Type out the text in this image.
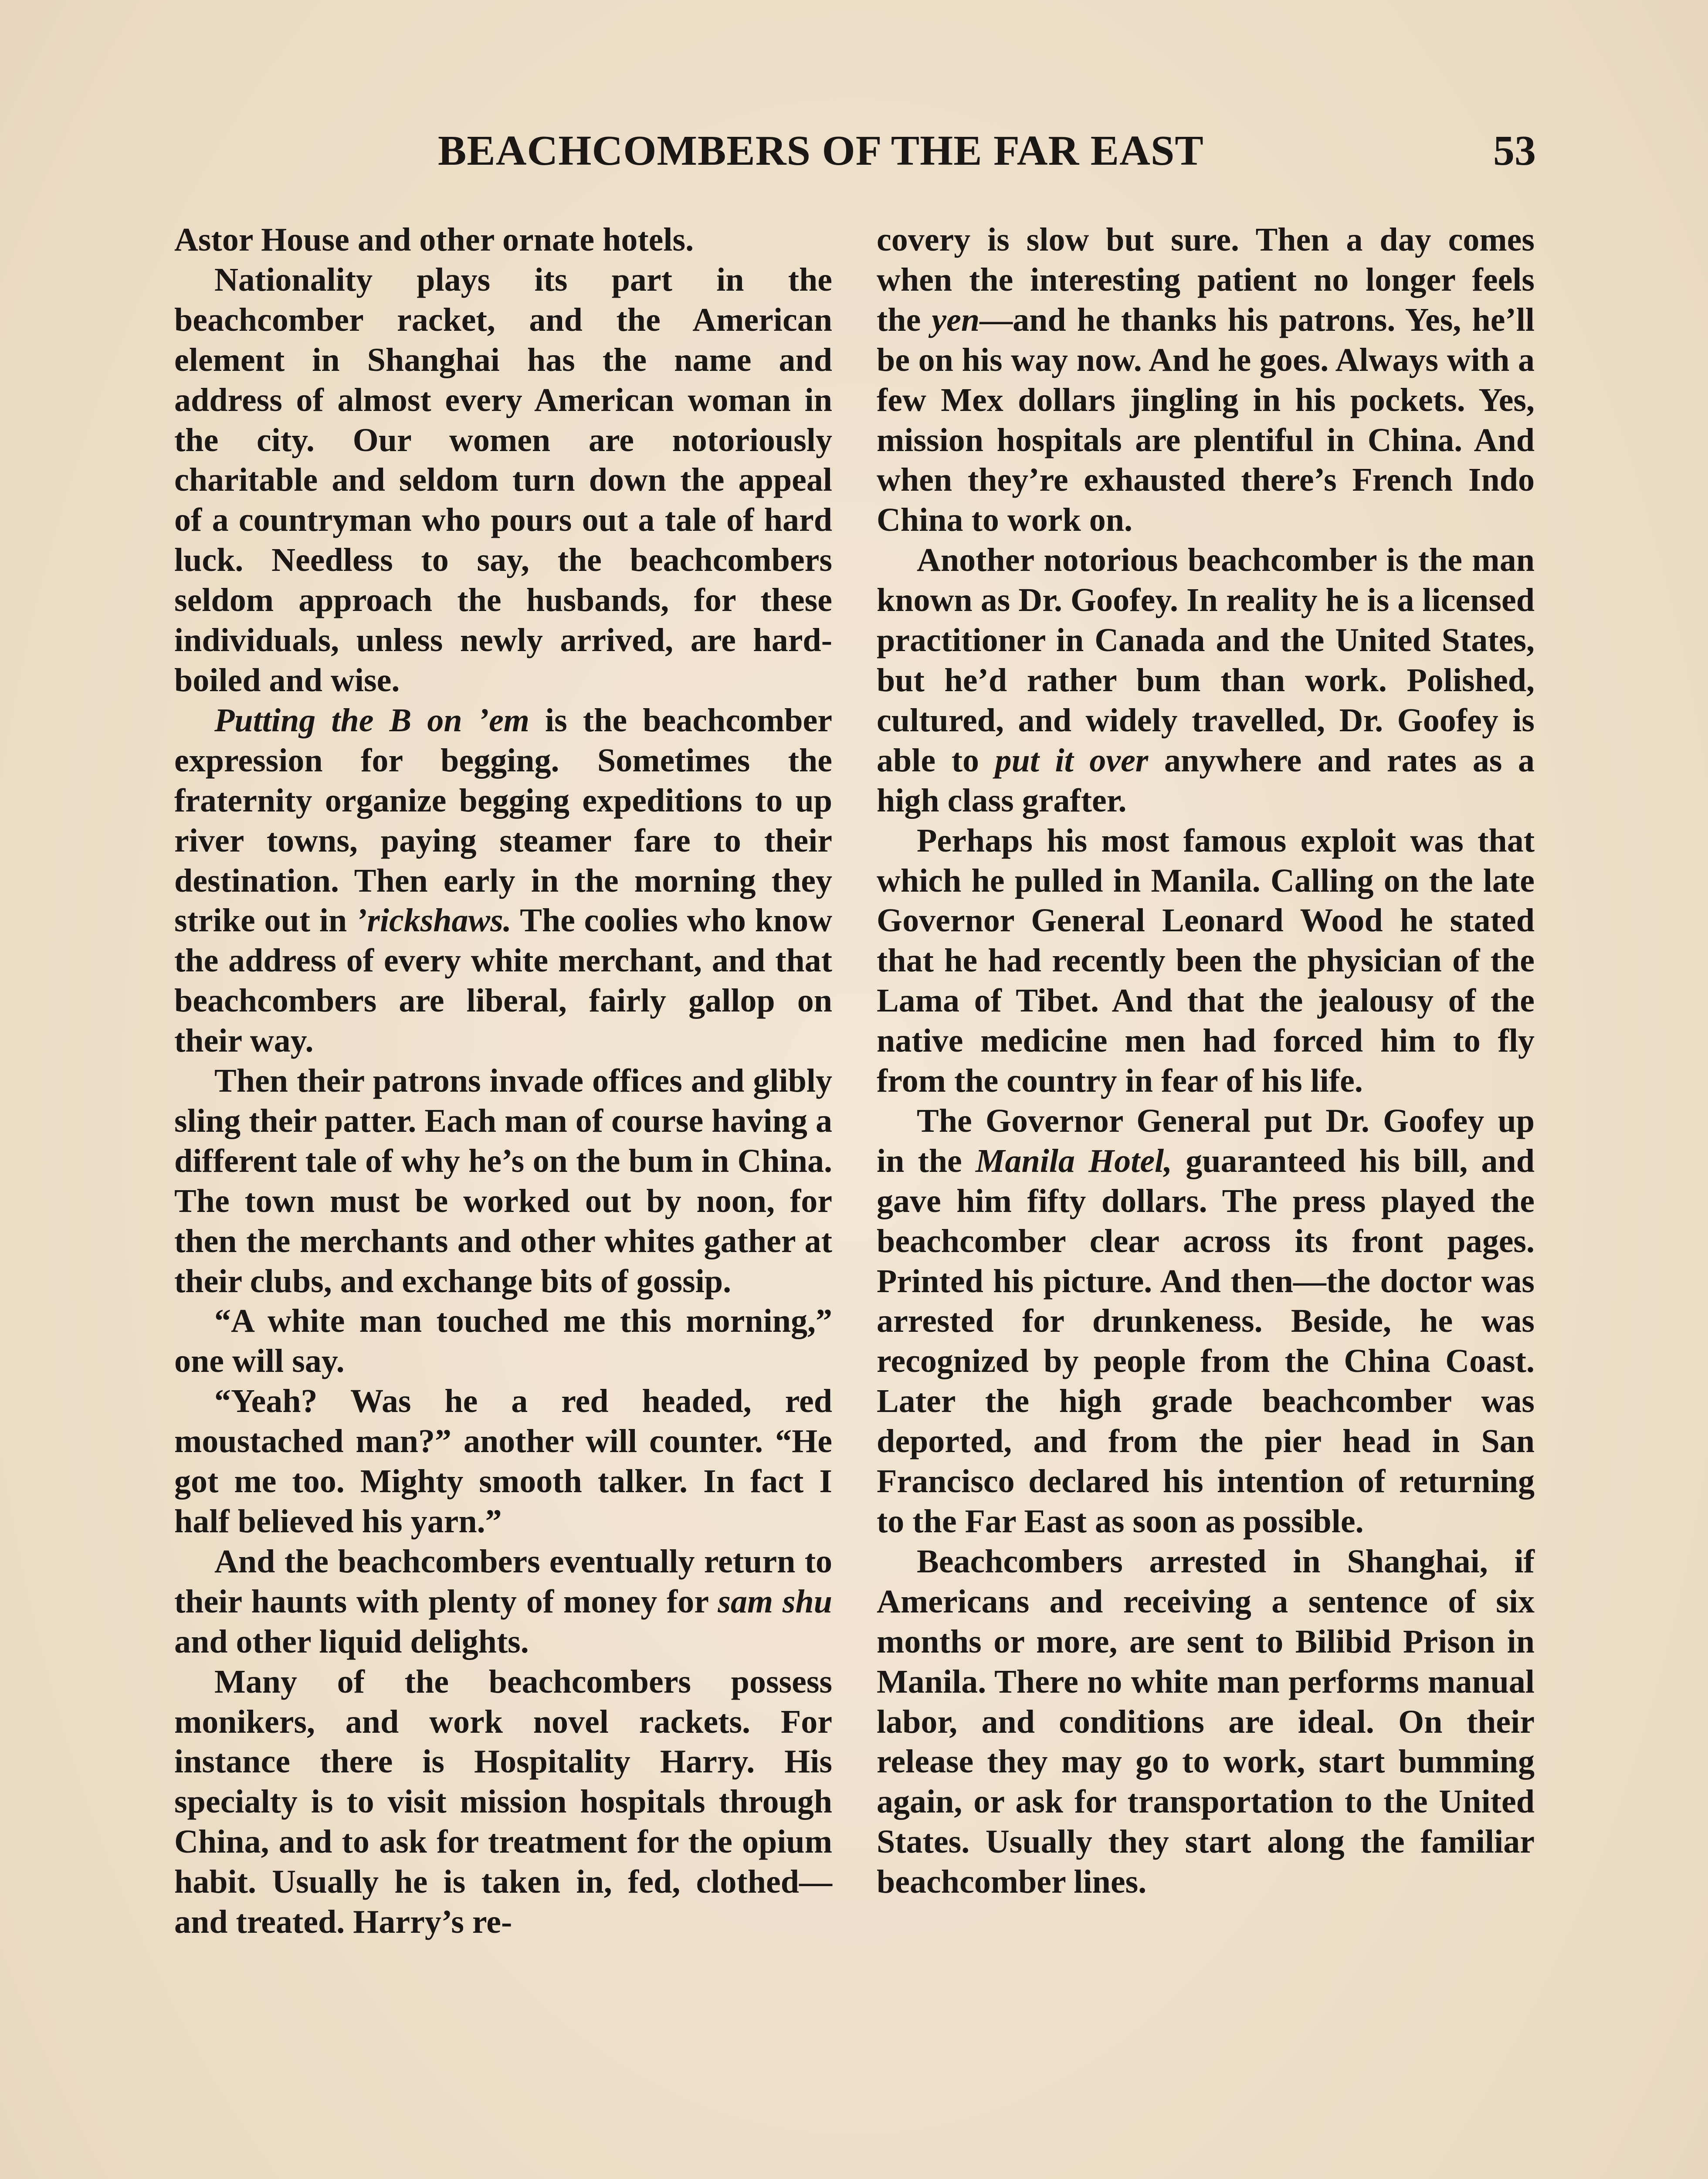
BEACHCOMBERS OF THE FAR EAST	53

Astor House and other ornate hotels.

Nationality plays its part in the beachcomber racket, and the American element in Shanghai has the name and address of almost every American woman in the city. Our women are notoriously charitable and seldom turn down the appeal of a countryman who pours out a tale of hard luck. Needless to say, the beachcombers seldom approach the husbands, for these individuals, unless newly arrived, are hard-boiled and wise.

Putting the B on ’em is the beachcomber expression for begging. Sometimes the fraternity organize begging expeditions to up river towns, paying steamer fare to their destination. Then early in the morning they strike out in ’rickshaws. The coolies who know the address of every white merchant, and that beachcombers are liberal, fairly gallop on their way.

Then their patrons invade offices and glibly sling their patter. Each man of course having a different tale of why he’s on the bum in China. The town must be worked out by noon, for then the merchants and other whites gather at their clubs, and exchange bits of gossip.

“A white man touched me this morning,” one will say.

“Yeah? Was he a red headed, red moustached man?” another will counter. “He got me too. Mighty smooth talker. In fact I half believed his yarn.”

And the beachcombers eventually return to their haunts with plenty of money for sam shu and other liquid delights.

Many of the beachcombers possess monikers, and work novel rackets. For instance there is Hospitality Harry. His specialty is to visit mission hospitals through China, and to ask for treatment for the opium habit. Usually he is taken in, fed, clothed—and treated. Harry’s re-

covery is slow but sure. Then a day comes when the interesting patient no longer feels the yen—and he thanks his patrons. Yes, he’ll be on his way now. And he goes. Always with a few Mex dollars jingling in his pockets. Yes, mission hospitals are plentiful in China. And when they’re exhausted there’s French Indo China to work on.

Another notorious beachcomber is the man known as Dr. Goofey. In reality he is a licensed practitioner in Canada and the United States, but he’d rather bum than work. Polished, cultured, and widely travelled, Dr. Goofey is able to put it over anywhere and rates as a high class grafter.

Perhaps his most famous exploit was that which he pulled in Manila. Calling on the late Governor General Leonard Wood he stated that he had recently been the physician of the Lama of Tibet. And that the jealousy of the native medicine men had forced him to fly from the country in fear of his life.

The Governor General put Dr. Goofey up in the Manila Hotel, guaranteed his bill, and gave him fifty dollars. The press played the beachcomber clear across its front pages. Printed his picture. And then—the doctor was arrested for drunkeness. Beside, he was recognized by people from the China Coast. Later the high grade beachcomber was deported, and from the pier head in San Francisco declared his intention of returning to the Far East as soon as possible.

Beachcombers arrested in Shanghai, if Americans and receiving a sentence of six months or more, are sent to Bilibid Prison in Manila. There no white man performs manual labor, and conditions are ideal. On their release they may go to work, start bumming again, or ask for transportation to the United States. Usually they start along the familiar beachcomber lines.
